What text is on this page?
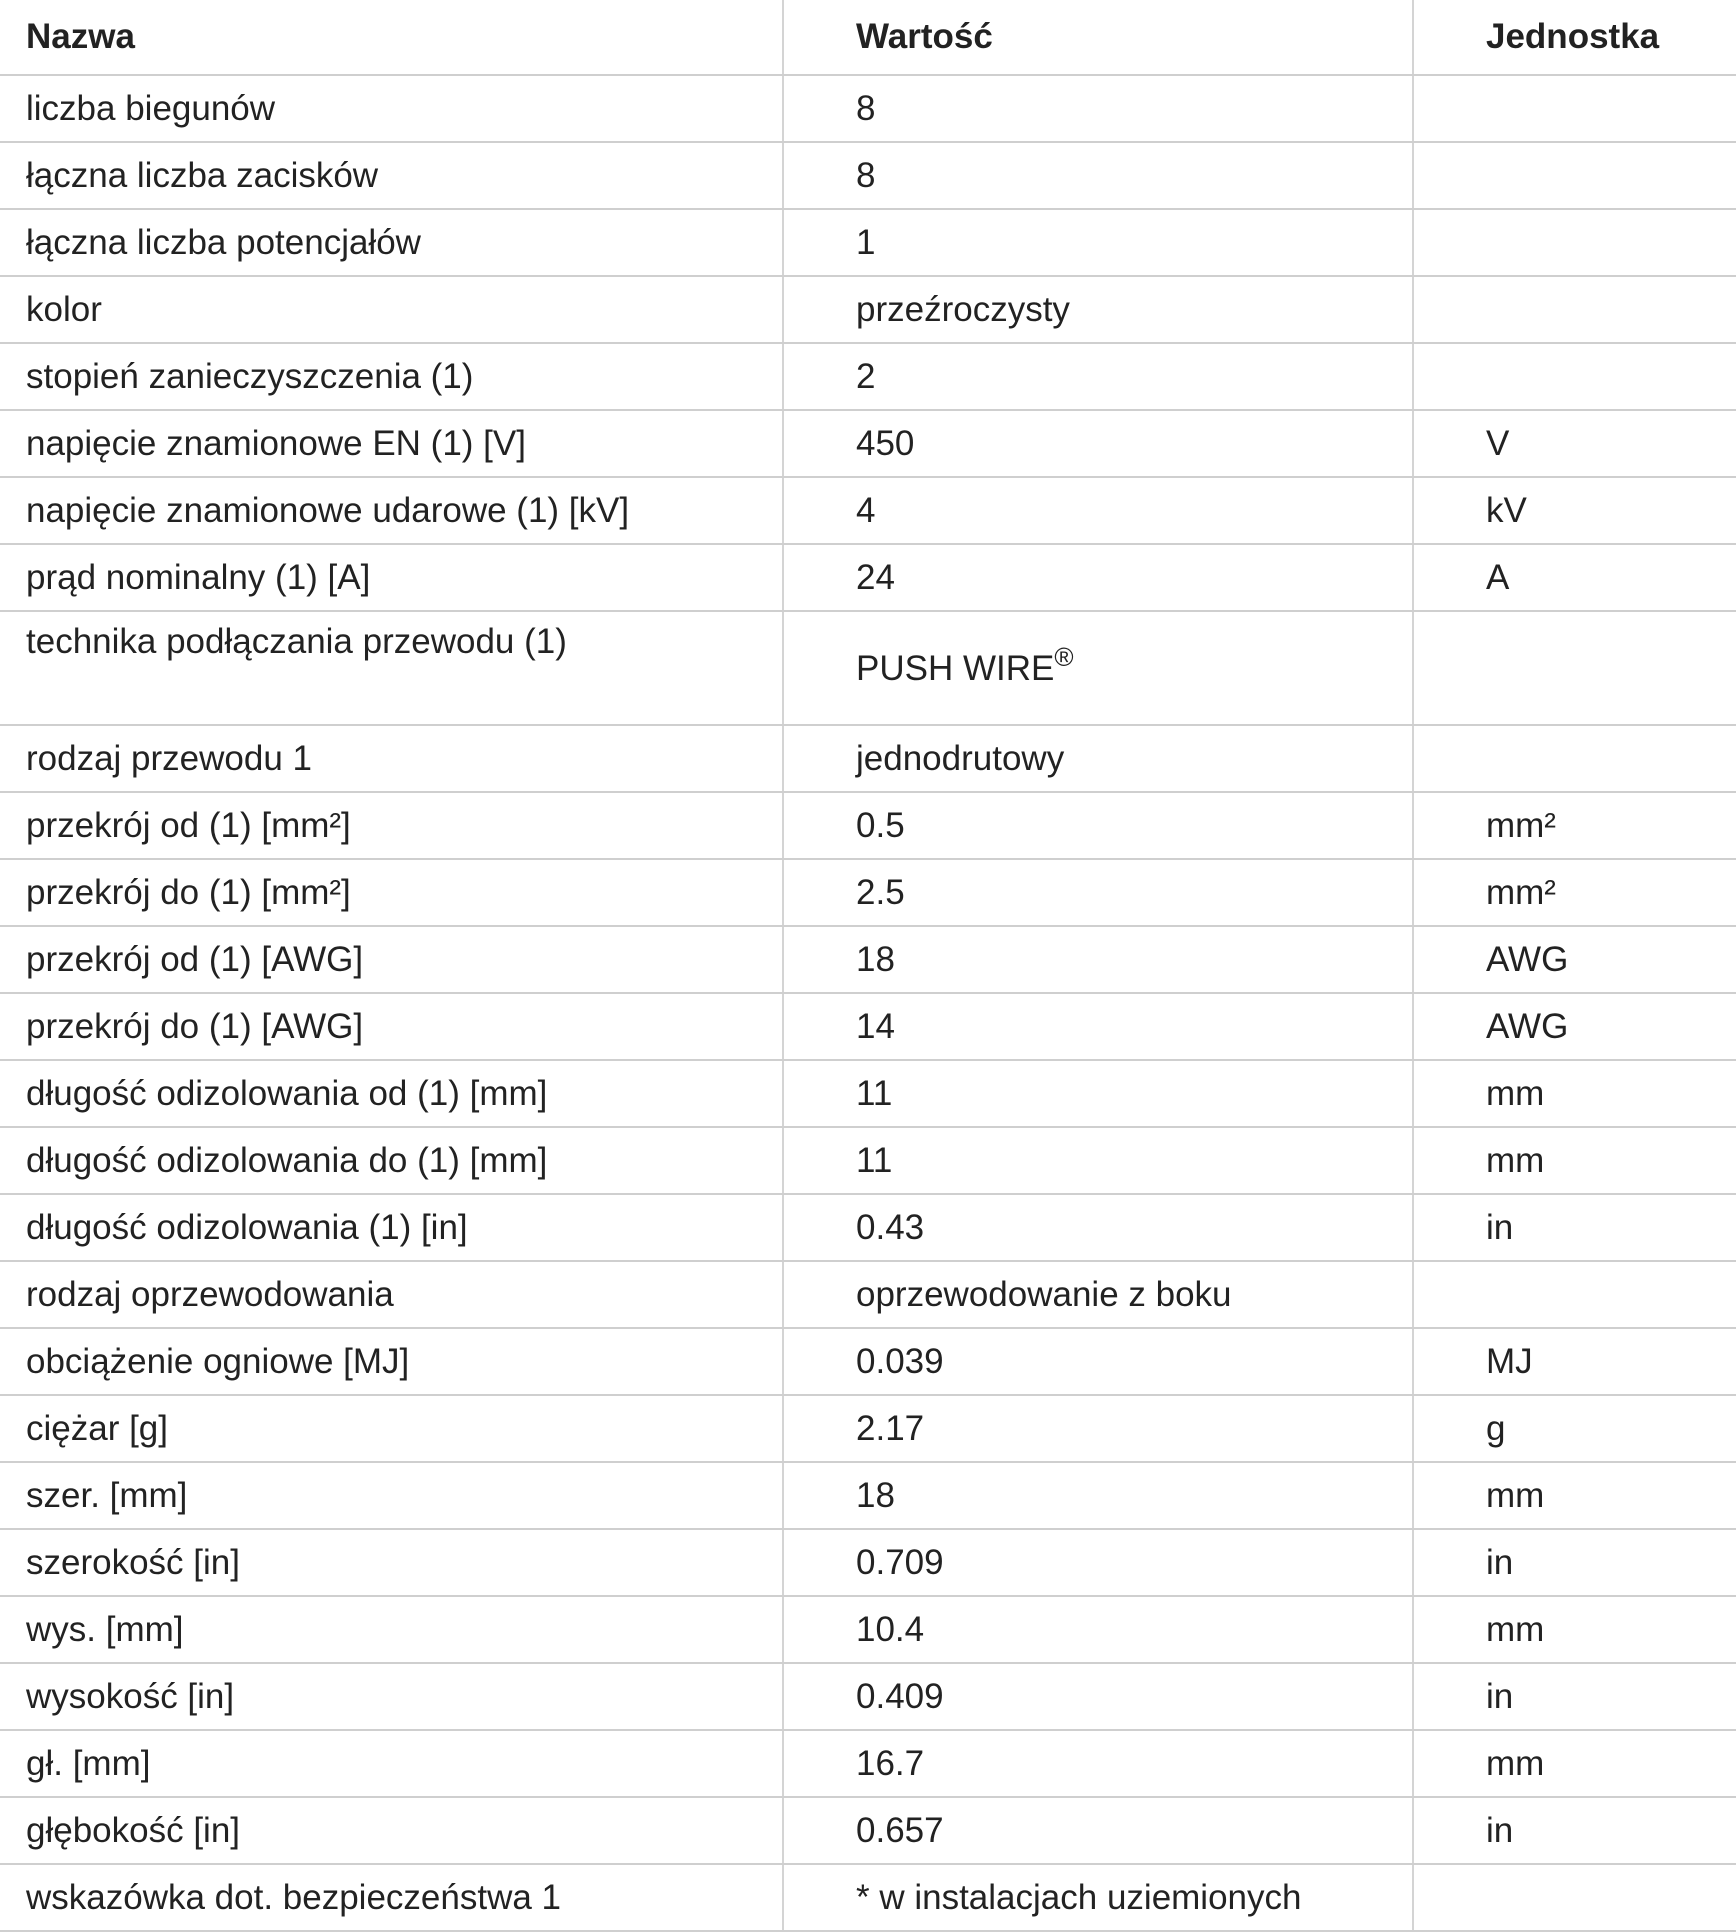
Nazwa	Wartość	Jednostka
liczba biegunów	8	
łączna liczba zacisków	8	
łączna liczba potencjałów	1	
kolor	przeźroczysty	
stopień zanieczyszczenia (1)	2	
napięcie znamionowe EN (1) [V]	450	V
napięcie znamionowe udarowe (1) [kV]	4	kV
prąd nominalny (1) [A]	24	A
technika podłączania przewodu (1)	PUSH WIRE®	
rodzaj przewodu 1	jednodrutowy	
przekrój od (1) [mm²]	0.5	mm²
przekrój do (1) [mm²]	2.5	mm²
przekrój od (1) [AWG]	18	AWG
przekrój do (1) [AWG]	14	AWG
długość odizolowania od (1) [mm]	11	mm
długość odizolowania do (1) [mm]	11	mm
długość odizolowania (1) [in]	0.43	in
rodzaj oprzewodowania	oprzewodowanie z boku	
obciążenie ogniowe [MJ]	0.039	MJ
ciężar [g]	2.17	g
szer. [mm]	18	mm
szerokość [in]	0.709	in
wys. [mm]	10.4	mm
wysokość [in]	0.409	in
gł. [mm]	16.7	mm
głębokość [in]	0.657	in
wskazówka dot. bezpieczeństwa 1	* w instalacjach uziemionych	
